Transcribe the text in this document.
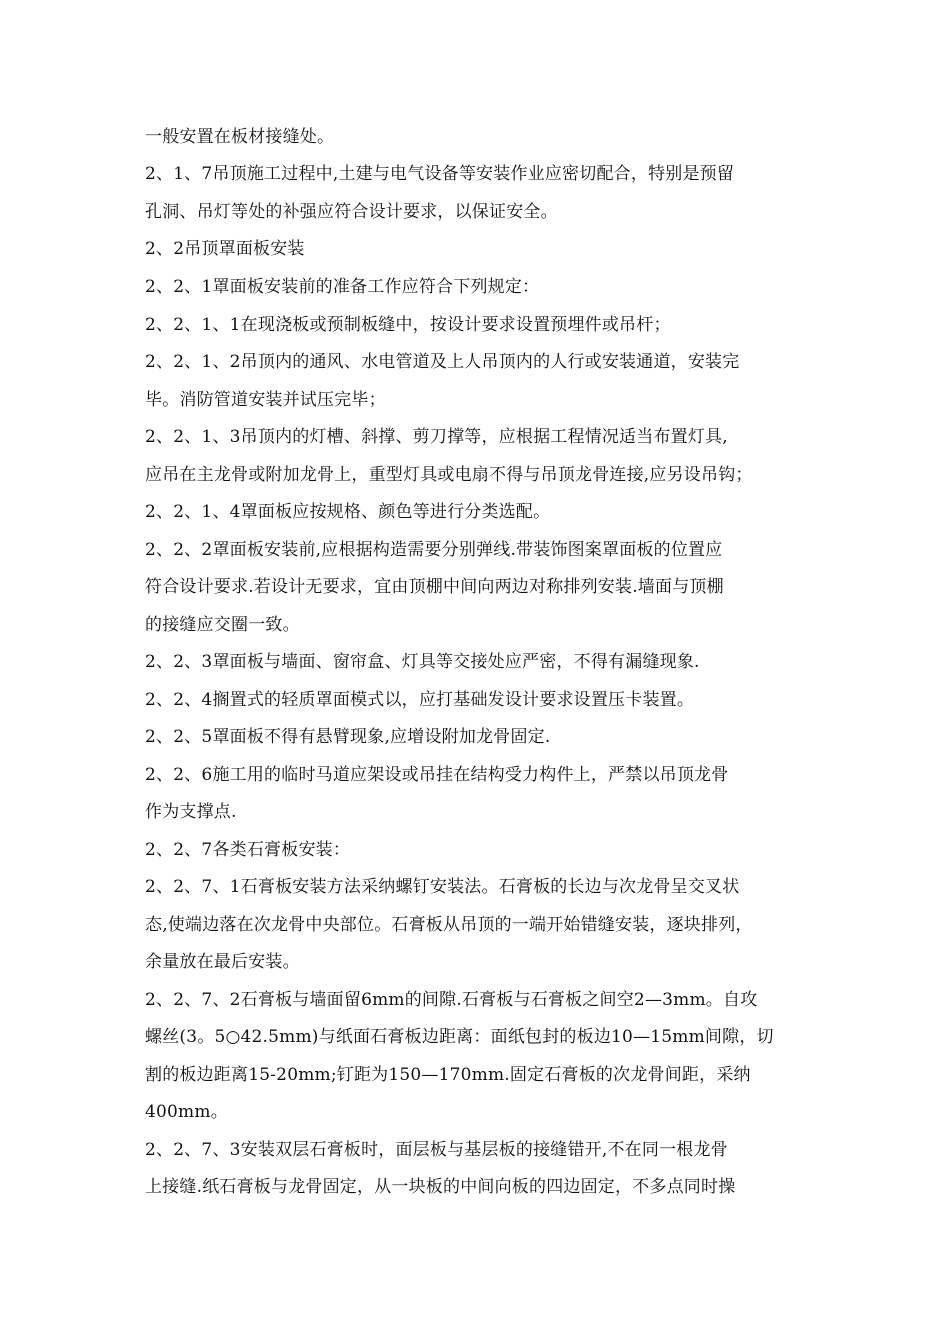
一般安置在板材接缝处。
2、1、7吊顶施工过程中,土建与电气设备等安装作业应密切配合，特别是预留
孔洞、吊灯等处的补强应符合设计要求，以保证安全。
2、2吊顶罩面板安装
2、2、1罩面板安装前的准备工作应符合下列规定：
2、2、1、1在现浇板或预制板缝中，按设计要求设置预埋件或吊杆；
2、2、1、2吊顶内的通风、水电管道及上人吊顶内的人行或安装通道，安装完
毕。消防管道安装并试压完毕；
2、2、1、3吊顶内的灯槽、斜撑、剪刀撑等，应根据工程情况适当布置灯具,
应吊在主龙骨或附加龙骨上，重型灯具或电扇不得与吊顶龙骨连接,应另设吊钩；
2、2、1、4罩面板应按规格、颜色等进行分类选配。
2、2、2罩面板安装前,应根据构造需要分别弹线.带装饰图案罩面板的位置应
符合设计要求.若设计无要求，宜由顶棚中间向两边对称排列安装.墙面与顶棚
的接缝应交圈一致。
2、2、3罩面板与墙面、窗帘盒、灯具等交接处应严密，不得有漏缝现象.
2、2、4搁置式的轻质罩面模式以，应打基础发设计要求设置压卡装置。
2、2、5罩面板不得有悬臂现象,应增设附加龙骨固定.
2、2、6施工用的临时马道应架设或吊挂在结构受力构件上，严禁以吊顶龙骨
作为支撑点.
2、2、7各类石膏板安装：
2、2、7、1石膏板安装方法采纳螺钉安装法。石膏板的长边与次龙骨呈交叉状
态,使端边落在次龙骨中央部位。石膏板从吊顶的一端开始错缝安装，逐块排列，
余量放在最后安装。
2、2、7、2石膏板与墙面留6mm的间隙.石膏板与石膏板之间空2—3mm。自攻
螺丝(3。5○42.5mm)与纸面石膏板边距离：面纸包封的板边10—15mm间隙，切
割的板边距离15-20mm;钉距为150—170mm.固定石膏板的次龙骨间距，采纳
400mm。
2、2、7、3安装双层石膏板时，面层板与基层板的接缝错开,不在同一根龙骨
上接缝.纸石膏板与龙骨固定，从一块板的中间向板的四边固定，不多点同时操
